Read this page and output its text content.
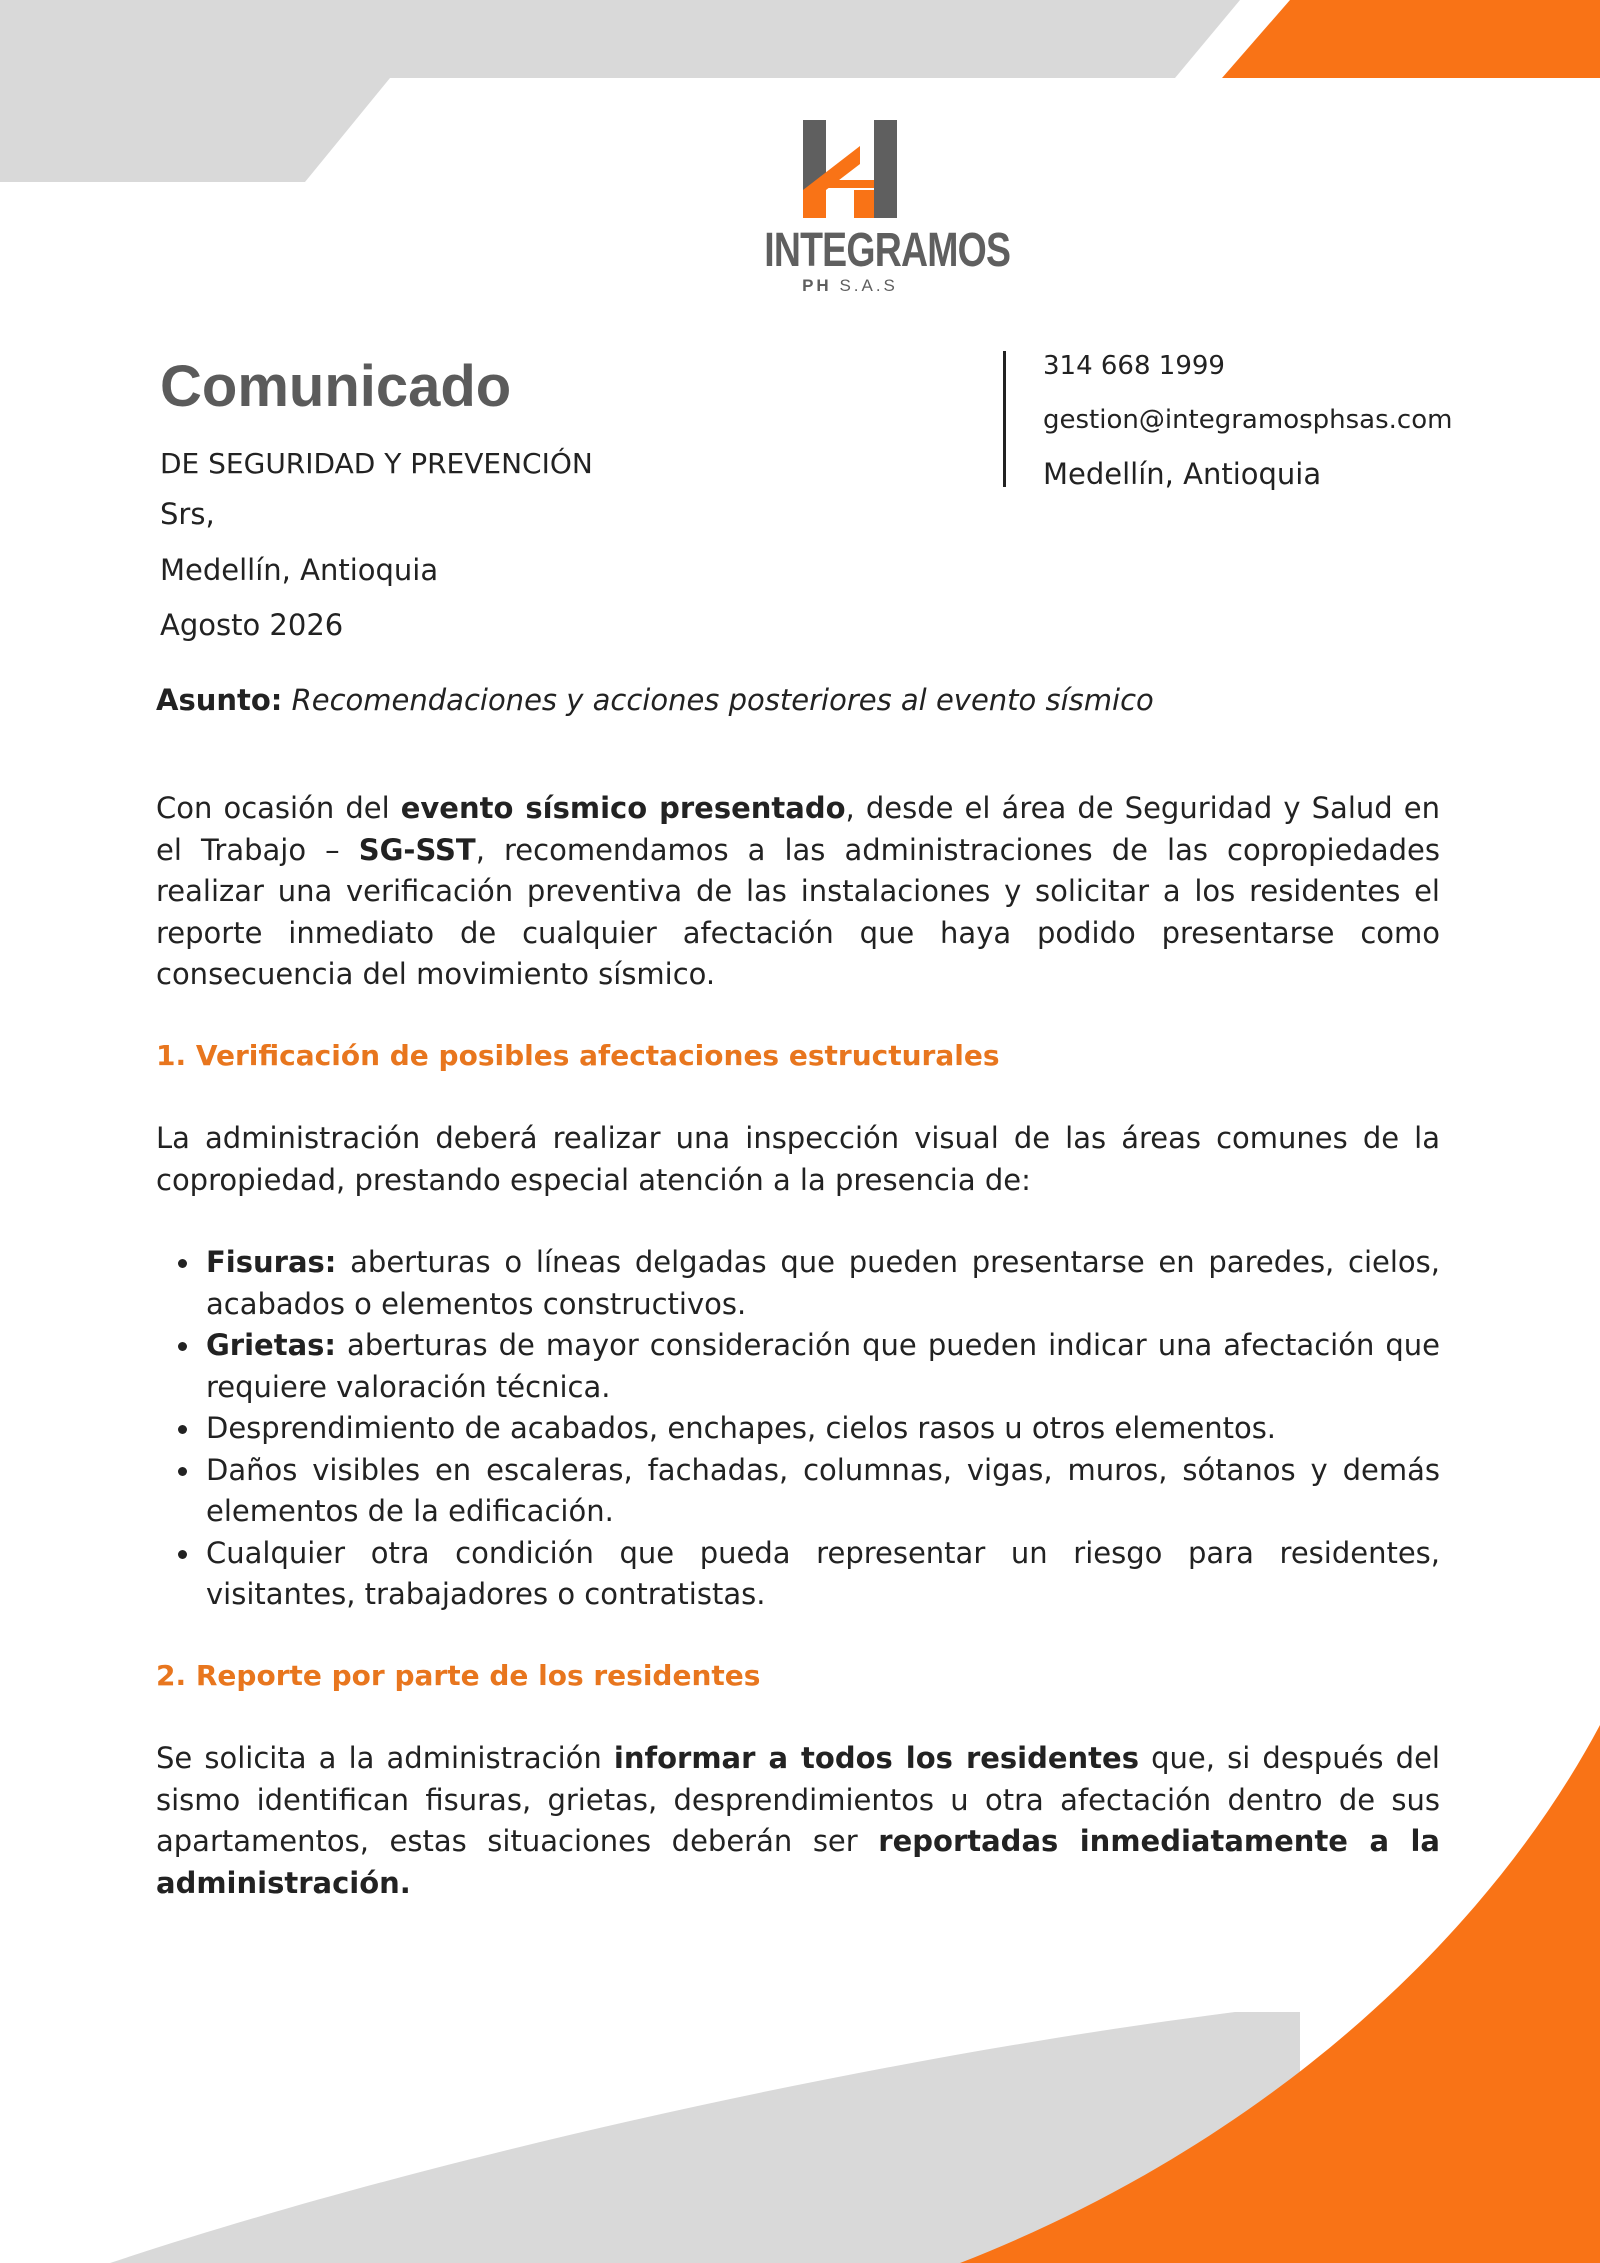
INTEGRAMOS
PH S.A.S
Comunicado
DE SEGURIDAD Y PREVENCIÓN
Srs,
Medellín, Antioquia
Agosto 2026
314 668 1999
gestion@integramosphsas.com
Medellín, Antioquia
Asunto: Recomendaciones y acciones posteriores al evento sísmico

Con ocasión del evento sísmico presentado, desde el área de Seguridad y Salud en el Trabajo – SG-SST, recomendamos a las administraciones de las copropiedades realizar una verificación preventiva de las instalaciones y solicitar a los residentes el reporte inmediato de cualquier afectación que haya podido presentarse como consecuencia del movimiento sísmico.

1. Verificación de posibles afectaciones estructurales

La administración deberá realizar una inspección visual de las áreas comunes de la copropiedad, prestando especial atención a la presencia de:

Fisuras: aberturas o líneas delgadas que pueden presentarse en paredes, cielos, acabados o elementos constructivos.
Grietas: aberturas de mayor consideración que pueden indicar una afectación que requiere valoración técnica.
Desprendimiento de acabados, enchapes, cielos rasos u otros elementos.
Daños visibles en escaleras, fachadas, columnas, vigas, muros, sótanos y demás elementos de la edificación.
Cualquier otra condición que pueda representar un riesgo para residentes, visitantes, trabajadores o contratistas.
2. Reporte por parte de los residentes

Se solicita a la administración informar a todos los residentes que, si después del sismo identifican fisuras, grietas, desprendimientos u otra afectación dentro de sus apartamentos, estas situaciones deberán ser reportadas inmediatamente a la administración.
